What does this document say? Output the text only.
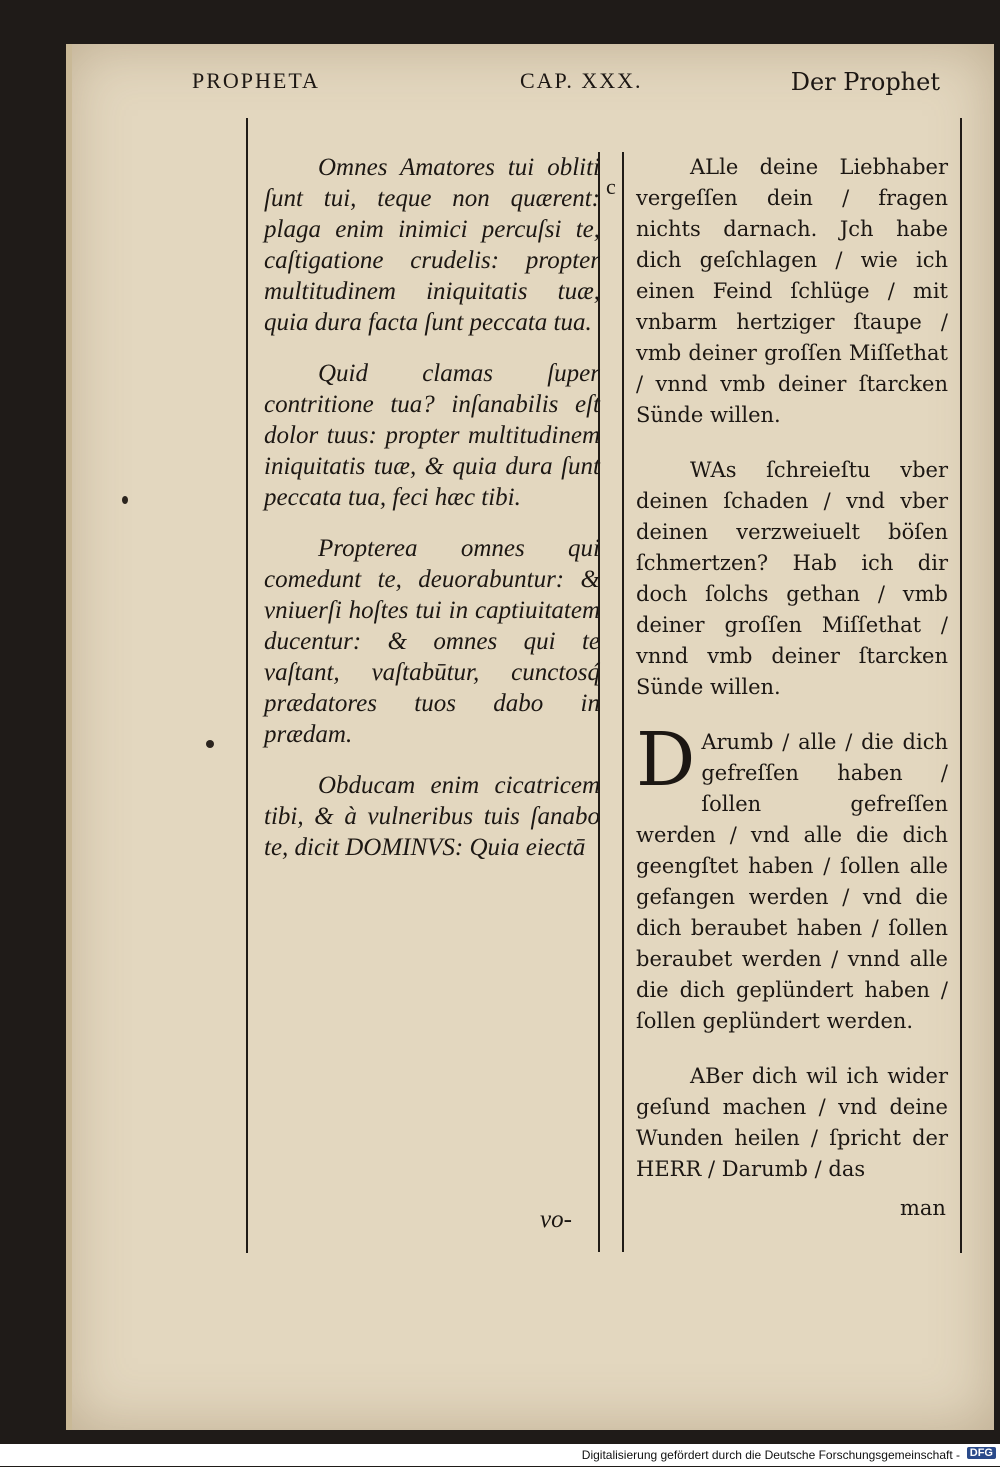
PROPHETA	CAP. XXX.	Der Prophet
c

Omnes Amatores tui obliti ſunt tui, teque non quærent: plaga enim inimici percuſsi te, caſtigatione crudelis: propter multitudinem iniquitatis tuæ, quia dura facta ſunt peccata tua.

Quid clamas ſuper contritione tua? inſanabilis eſt dolor tuus: propter multitudinem iniquitatis tuæ, & quia dura ſunt peccata tua, feci hæc tibi.

Propterea omnes qui comedunt te, deuorabuntur: & vniuerſi hoſtes tui in captiuitatem ducentur: & omnes qui te vaſtant, vaſtabūtur, cunctosq́ prædatores tuos dabo in prædam.

Obducam enim cicatricem tibi, & à vulneribus tuis ſanabo te, dicit DOMINVS: Quia eiectā

vo-

ALle deine Liebhaber vergeſſen dein / fragen nichts darnach. Jch habe dich geſchlagen / wie ich einen Feind ſchlüge / mit vnbarm hertziger ſtaupe / vmb deiner groſſen Miſſethat / vnnd vmb deiner ſtarcken Sünde willen.

WAs ſchreieſtu vber deinen ſchaden / vnd vber deinen verzweiuelt böſen ſchmertzen? Hab ich dir doch ſolchs gethan / vmb deiner groſſen Miſſethat / vnnd vmb deiner ſtarcken Sünde willen.

D Arumb / alle / die dich gefreſſen haben / ſollen gefreſſen werden / vnd alle die dich geengſtet haben / ſollen alle gefangen werden / vnd die dich beraubet haben / ſollen beraubet werden / vnnd alle die dich geplündert haben / ſollen geplündert werden.

ABer dich wil ich wider geſund machen / vnd deine Wunden heilen / ſpricht der HERR / Darumb / das

man
Digitalisierung gefördert durch die Deutsche Forschungsgemeinschaft - DFG
